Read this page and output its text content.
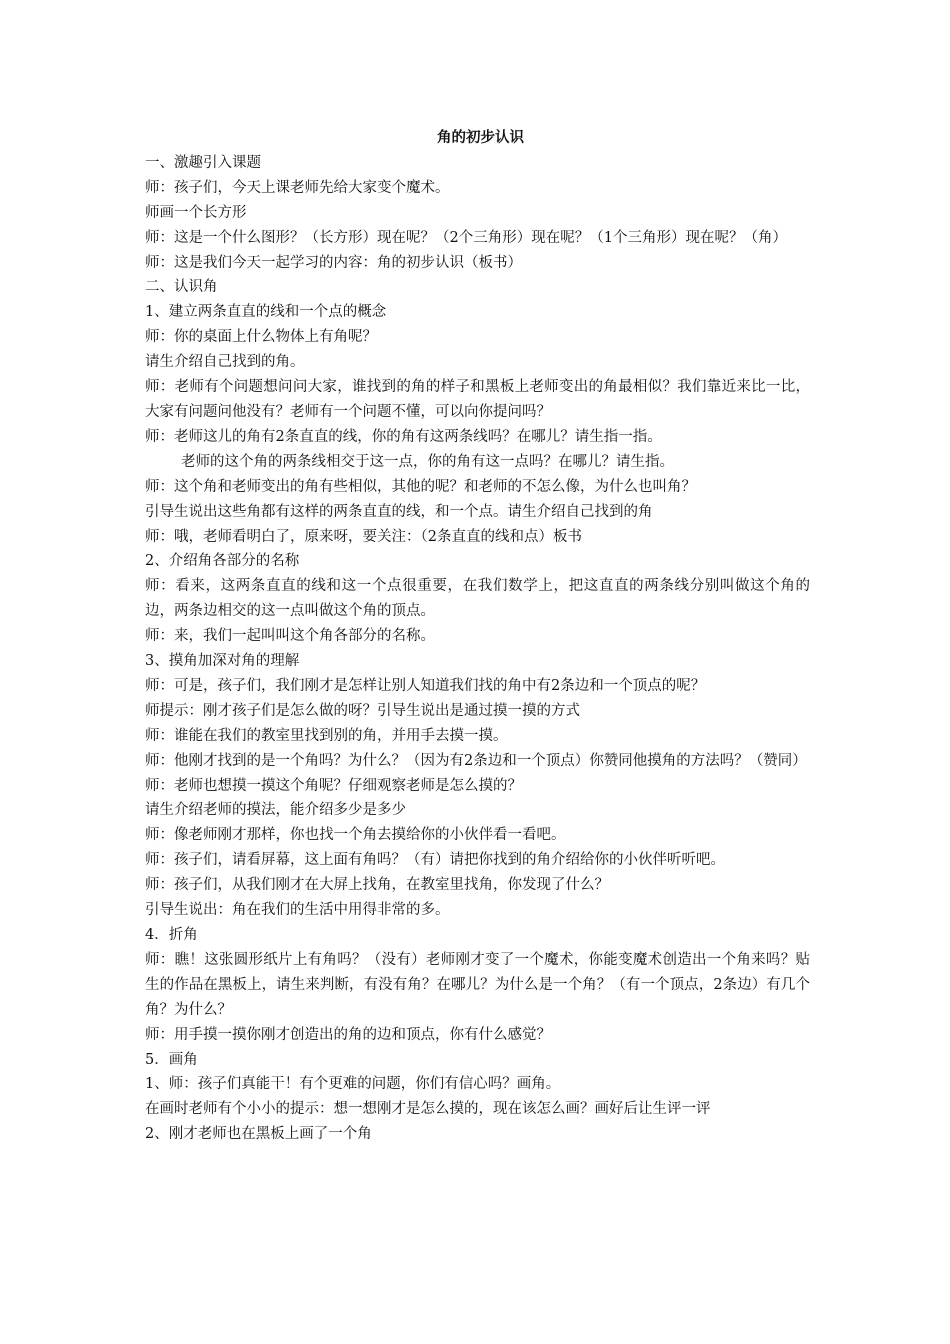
角的初步认识

一、激趣引入课题

师：孩子们，今天上课老师先给大家变个魔术。

师画一个长方形

师：这是一个什么图形？（长方形）现在呢？（2个三角形）现在呢？（1个三角形）现在呢？（角）

师：这是我们今天一起学习的内容：角的初步认识（板书）

二、认识角

1、建立两条直直的线和一个点的概念

师：你的桌面上什么物体上有角呢？

请生介绍自己找到的角。

师：老师有个问题想问问大家，谁找到的角的样子和黑板上老师变出的角最相似？我们靠近来比一比，大家有问题问他没有？老师有一个问题不懂，可以向你提问吗？

师：老师这儿的角有2条直直的线，你的角有这两条线吗？在哪儿？请生指一指。

老师的这个角的两条线相交于这一点，你的角有这一点吗？在哪儿？请生指。

师：这个角和老师变出的角有些相似，其他的呢？和老师的不怎么像，为什么也叫角？

引导生说出这些角都有这样的两条直直的线，和一个点。请生介绍自己找到的角

师：哦，老师看明白了，原来呀，要关注：（2条直直的线和点）板书

2、介绍角各部分的名称

师：看来，这两条直直的线和这一个点很重要，在我们数学上，把这直直的两条线分别叫做这个角的边，两条边相交的这一点叫做这个角的顶点。

师：来，我们一起叫叫这个角各部分的名称。

3、摸角加深对角的理解

师：可是，孩子们，我们刚才是怎样让别人知道我们找的角中有2条边和一个顶点的呢？

师提示：刚才孩子们是怎么做的呀？引导生说出是通过摸一摸的方式

师：谁能在我们的教室里找到别的角，并用手去摸一摸。

师：他刚才找到的是一个角吗？为什么？（因为有2条边和一个顶点）你赞同他摸角的方法吗？（赞同）

师：老师也想摸一摸这个角呢？仔细观察老师是怎么摸的？

请生介绍老师的摸法，能介绍多少是多少

师：像老师刚才那样，你也找一个角去摸给你的小伙伴看一看吧。

师：孩子们，请看屏幕，这上面有角吗？（有）请把你找到的角介绍给你的小伙伴听听吧。

师：孩子们，从我们刚才在大屏上找角，在教室里找角，你发现了什么？

引导生说出：角在我们的生活中用得非常的多。

4．折角

师：瞧！这张圆形纸片上有角吗？（没有）老师刚才变了一个魔术，你能变魔术创造出一个角来吗？贴生的作品在黑板上，请生来判断，有没有角？在哪儿？为什么是一个角？（有一个顶点，2条边）有几个角？为什么？

师：用手摸一摸你刚才创造出的角的边和顶点，你有什么感觉？

5．画角

1、师：孩子们真能干！有个更难的问题，你们有信心吗？画角。

在画时老师有个小小的提示：想一想刚才是怎么摸的，现在该怎么画？画好后让生评一评

2、刚才老师也在黑板上画了一个角
